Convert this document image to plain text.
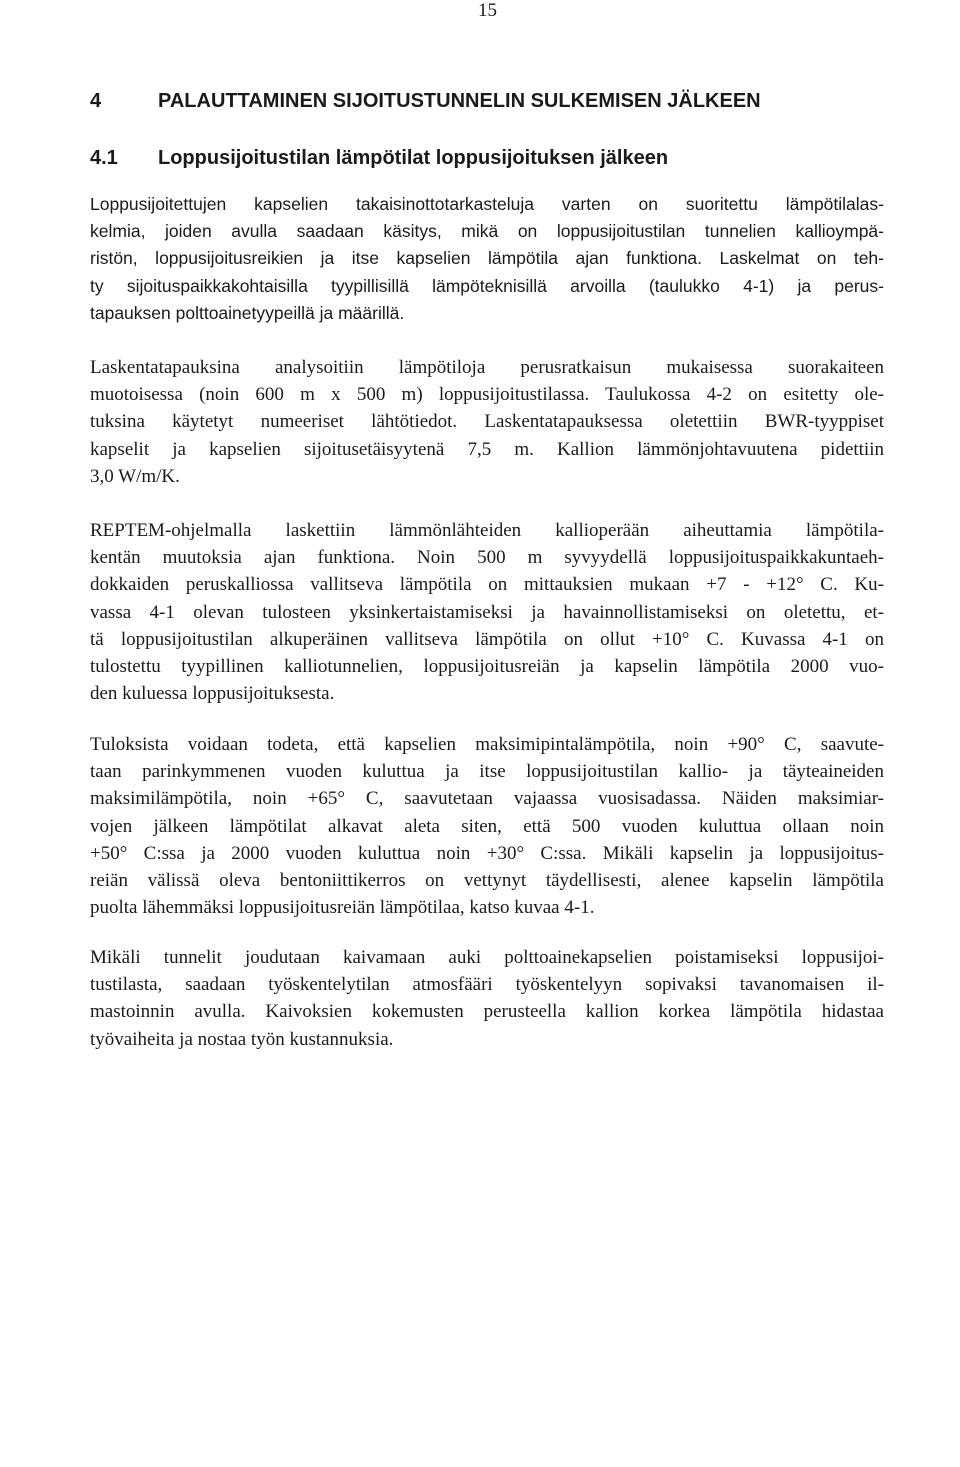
15
4	PALAUTTAMINEN SIJOITUSTUNNELIN SULKEMISEN JÄLKEEN
4.1 Loppusijoitustilan lämpötilat loppusijoituksen jälkeen
Loppusijoitettujen kapselien takaisinottotarkasteluja varten on suoritettu lämpötilalas-
kelmia, joiden avulla saadaan käsitys, mikä on loppusijoitustilan tunnelien kallioympä-
ristön, loppusijoitusreikien ja itse kapselien lämpötila ajan funktiona. Laskelmat on teh-
ty sijoituspaikkakohtaisilla tyypillisillä lämpöteknisillä arvoilla (taulukko 4-1) ja perus-
tapauksen polttoainetyypeillä ja määrillä.
Laskentatapauksina analysoitiin lämpötiloja perusratkaisun mukaisessa suorakaiteen
muotoisessa (noin 600 m x 500 m) loppusijoitustilassa. Taulukossa 4-2 on esitetty ole-
tuksina käytetyt numeeriset lähtötiedot. Laskentatapauksessa oletettiin BWR-tyyppiset
kapselit ja kapselien sijoitusetäisyytenä 7,5 m. Kallion lämmönjohtavuutena pidettiin
3,0 W/m/K.
REPTEM-ohjelmalla laskettiin lämmönlähteiden kallioperään aiheuttamia lämpötila-
kentän muutoksia ajan funktiona. Noin 500 m syvyydellä loppusijoituspaikkakuntaeh-
dokkaiden peruskalliossa vallitseva lämpötila on mittauksien mukaan +7 - +12° C. Ku-
vassa 4-1 olevan tulosteen yksinkertaistamiseksi ja havainnollistamiseksi on oletettu, et-
tä loppusijoitustilan alkuperäinen vallitseva lämpötila on ollut +10° C. Kuvassa 4-1 on
tulostettu tyypillinen kalliotunnelien, loppusijoitusreiän ja kapselin lämpötila 2000 vuo-
den kuluessa loppusijoituksesta.
Tuloksista voidaan todeta, että kapselien maksimipintalämpötila, noin +90° C, saavute-
taan parinkymmenen vuoden kuluttua ja itse loppusijoitustilan kallio- ja täyteaineiden
maksimilämpötila, noin +65° C, saavutetaan vajaassa vuosisadassa. Näiden maksimiar-
vojen jälkeen lämpötilat alkavat aleta siten, että 500 vuoden kuluttua ollaan noin
+50° C:ssa ja 2000 vuoden kuluttua noin +30° C:ssa. Mikäli kapselin ja loppusijoitus-
reiän välissä oleva bentoniittikerros on vettynyt täydellisesti, alenee kapselin lämpötila
puolta lähemmäksi loppusijoitusreiän lämpötilaa, katso kuvaa 4-1.
Mikäli tunnelit joudutaan kaivamaan auki polttoainekapselien poistamiseksi loppusijoi-
tustilasta, saadaan työskentelytilan atmosfääri työskentelyyn sopivaksi tavanomaisen il-
mastoinnin avulla. Kaivoksien kokemusten perusteella kallion korkea lämpötila hidastaa
työvaiheita ja nostaa työn kustannuksia.
